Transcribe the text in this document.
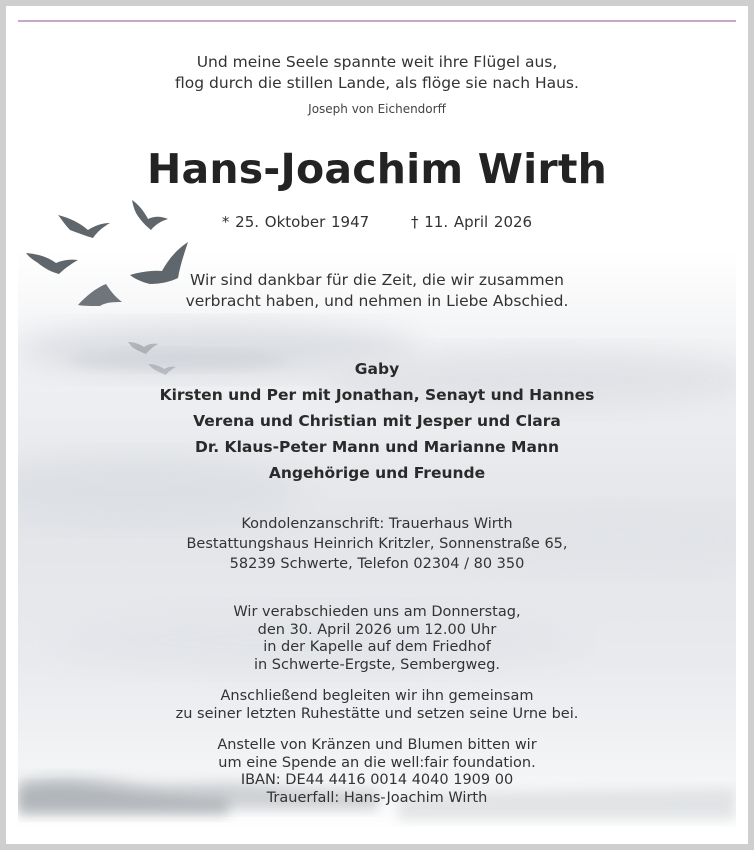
Und meine Seele spannte weit ihre Flügel aus,
flog durch die stillen Lande, als flöge sie nach Haus.
Joseph von Eichendorff
Hans-Joachim Wirth
* 25. Oktober 1947	† 11. April 2026
Wir sind dankbar für die Zeit, die wir zusammen
verbracht haben, und nehmen in Liebe Abschied.
Gaby
Kirsten und Per mit Jonathan, Senayt und Hannes
Verena und Christian mit Jesper und Clara
Dr. Klaus-Peter Mann und Marianne Mann
Angehörige und Freunde
Kondolenzanschrift: Trauerhaus Wirth
Bestattungshaus Heinrich Kritzler, Sonnenstraße 65,
58239 Schwerte, Telefon 02304 / 80 350
Wir verabschieden uns am Donnerstag,
den 30. April 2026 um 12.00 Uhr
in der Kapelle auf dem Friedhof
in Schwerte-Ergste, Sembergweg.
Anschließend begleiten wir ihn gemeinsam
zu seiner letzten Ruhestätte und setzen seine Urne bei.
Anstelle von Kränzen und Blumen bitten wir
um eine Spende an die well:fair foundation.
IBAN: DE44 4416 0014 4040 1909 00
Trauerfall: Hans-Joachim Wirth
